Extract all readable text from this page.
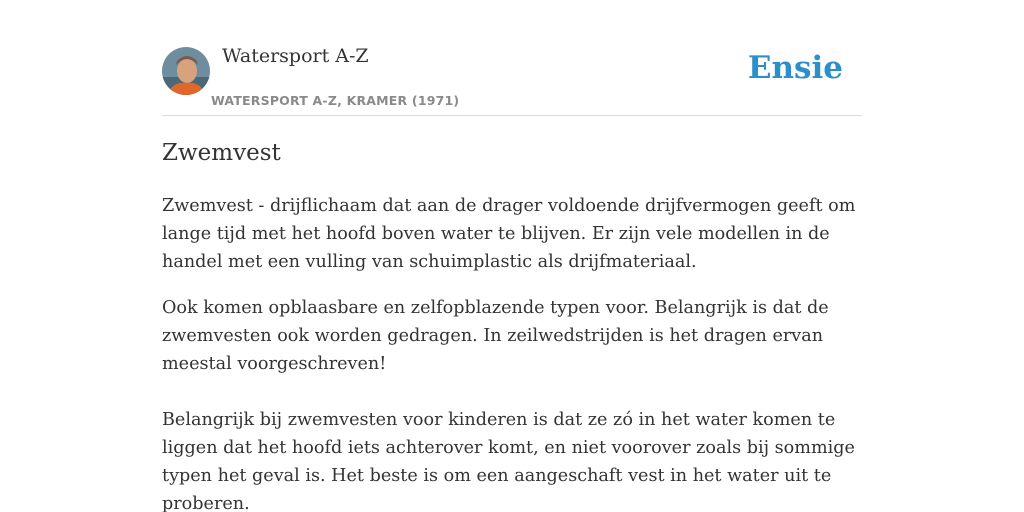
Watersport A-Z
WATERSPORT A-Z, KRAMER (1971)
Ensie
Zwemvest

Zwemvest - drijflichaam dat aan de drager voldoende drijfvermogen geeft om lange tijd met het hoofd boven water te blijven. Er zijn vele modellen in de handel met een vulling van schuimplastic als drijfmateriaal.

Ook komen opblaasbare en zelfopblazende typen voor. Belangrijk is dat de zwemvesten ook worden gedragen. In zeilwedstrijden is het dragen ervan meestal voorgeschreven!

Belangrijk bij zwemvesten voor kinderen is dat ze zó in het water komen te liggen dat het hoofd iets achterover komt, en niet voorover zoals bij sommige typen het geval is. Het beste is om een aangeschaft vest in het water uit te proberen.
